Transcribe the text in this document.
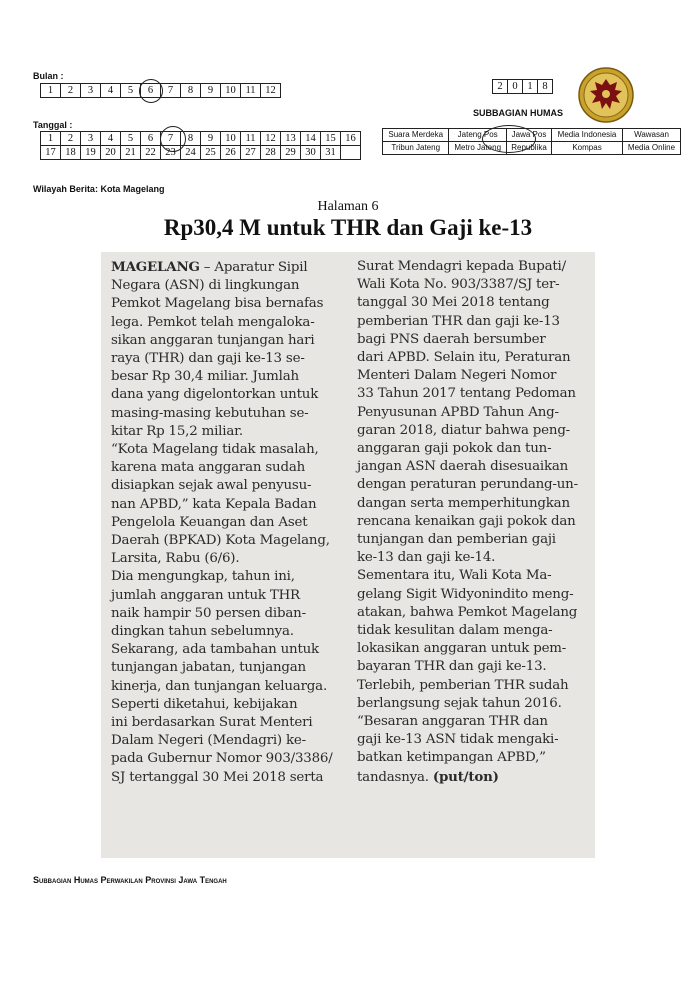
Bulan :
1	2	3	4	5	6	7	8	9	10	11	12
Tanggal :
1	2	3	4	5	6	7	8	9	10	11	12	13	14	15	16
17	18	19	20	21	22	23	24	25	26	27	28	29	30	31	
Wilayah Berita: Kota Magelang
2	0	1	8
SUBBAGIAN HUMAS
Suara Merdeka	Jateng Pos	Jawa Pos	Media Indonesia	Wawasan
Tribun Jateng	Metro Jateng	Republika	Kompas	Media Online
Halaman 6
Rp30,4 M untuk THR dan Gaji ke-13

MAGELANG – Aparatur Sipil

Negara (ASN) di lingkungan

Pemkot Magelang bisa bernafas

lega. Pemkot telah mengaloka-

sikan anggaran tunjangan hari

raya (THR) dan gaji ke-13 se-

besar Rp 30,4 miliar. Jumlah

dana yang digelontorkan untuk

masing-masing kebutuhan se-

kitar Rp 15,2 miliar.

“Kota Magelang tidak masalah,

karena mata anggaran sudah

disiapkan sejak awal penyusu-

nan APBD,” kata Kepala Badan

Pengelola Keuangan dan Aset

Daerah (BPKAD) Kota Magelang,

Larsita, Rabu (6/6).

Dia mengungkap, tahun ini,

jumlah anggaran untuk THR

naik hampir 50 persen diban-

dingkan tahun sebelumnya.

Sekarang, ada tambahan untuk

tunjangan jabatan, tunjangan

kinerja, dan tunjangan keluarga.

Seperti diketahui, kebijakan

ini berdasarkan Surat Menteri

Dalam Negeri (Mendagri) ke-

pada Gubernur Nomor 903/3386/

SJ tertanggal 30 Mei 2018 serta

Surat Mendagri kepada Bupati/

Wali Kota No. 903/3387/SJ ter-

tanggal 30 Mei 2018 tentang

pemberian THR dan gaji ke-13

bagi PNS daerah bersumber

dari APBD. Selain itu, Peraturan

Menteri Dalam Negeri Nomor

33 Tahun 2017 tentang Pedoman

Penyusunan APBD Tahun Ang-

garan 2018, diatur bahwa peng-

anggaran gaji pokok dan tun-

jangan ASN daerah disesuaikan

dengan peraturan perundang-un-

dangan serta memperhitungkan

rencana kenaikan gaji pokok dan

tunjangan dan pemberian gaji

ke-13 dan gaji ke-14.

Sementara itu, Wali Kota Ma-

gelang Sigit Widyonindito meng-

atakan, bahwa Pemkot Magelang

tidak kesulitan dalam menga-

lokasikan anggaran untuk pem-

bayaran THR dan gaji ke-13.

Terlebih, pemberian THR sudah

berlangsung sejak tahun 2016.

“Besaran anggaran THR dan

gaji ke-13 ASN tidak mengaki-

batkan ketimpangan APBD,”

tandasnya. (put/ton)

Subbagian Humas Perwakilan Provinsi Jawa Tengah
